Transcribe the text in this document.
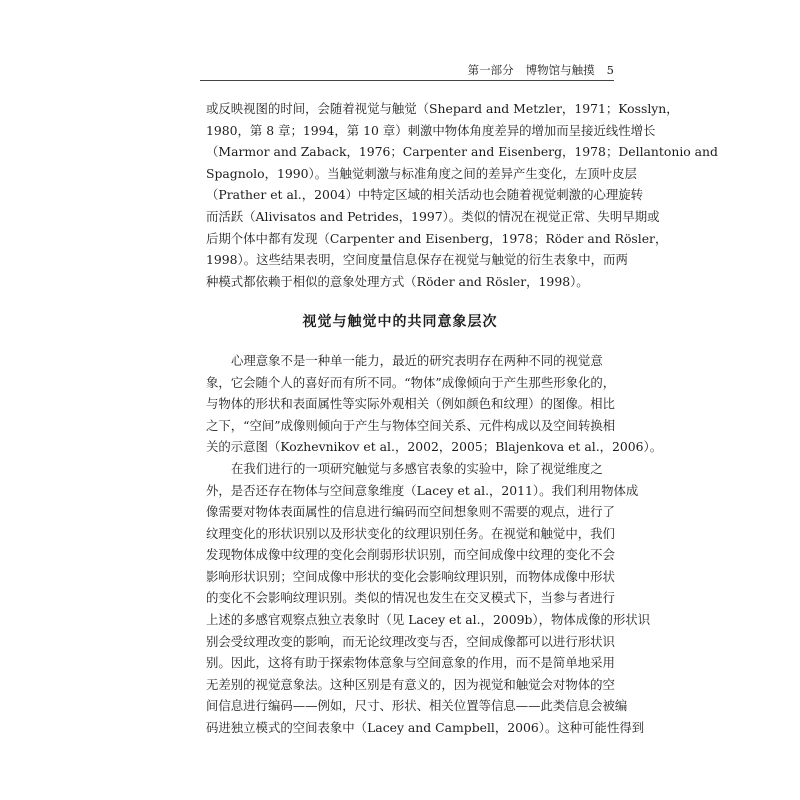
第一部分 博物馆与触摸 5
或反映视图的时间，会随着视觉与触觉（Shepard and Metzler，1971；Kosslyn，
1980，第 8 章；1994，第 10 章）刺激中物体角度差异的增加而呈接近线性增长
（Marmor and Zaback，1976；Carpenter and Eisenberg，1978；Dellantonio and
Spagnolo，1990）。当触觉刺激与标准角度之间的差异产生变化，左顶叶皮层
（Prather et al.，2004）中特定区域的相关活动也会随着视觉刺激的心理旋转
而活跃（Alivisatos and Petrides，1997）。类似的情况在视觉正常、失明早期或
后期个体中都有发现（Carpenter and Eisenberg，1978；Röder and Rösler，
1998）。这些结果表明，空间度量信息保存在视觉与触觉的衍生表象中，而两
种模式都依赖于相似的意象处理方式（Röder and Rösler，1998）。
视觉与触觉中的共同意象层次
心理意象不是一种单一能力，最近的研究表明存在两种不同的视觉意
象，它会随个人的喜好而有所不同。“物体”成像倾向于产生那些形象化的，
与物体的形状和表面属性等实际外观相关（例如颜色和纹理）的图像。相比
之下，“空间”成像则倾向于产生与物体空间关系、元件构成以及空间转换相
关的示意图（Kozhevnikov et al.，2002，2005；Blajenkova et al.，2006）。
在我们进行的一项研究触觉与多感官表象的实验中，除了视觉维度之
外，是否还存在物体与空间意象维度（Lacey et al.，2011）。我们利用物体成
像需要对物体表面属性的信息进行编码而空间想象则不需要的观点，进行了
纹理变化的形状识别以及形状变化的纹理识别任务。在视觉和触觉中，我们
发现物体成像中纹理的变化会削弱形状识别，而空间成像中纹理的变化不会
影响形状识别；空间成像中形状的变化会影响纹理识别，而物体成像中形状
的变化不会影响纹理识别。类似的情况也发生在交叉模式下，当参与者进行
上述的多感官观察点独立表象时（见 Lacey et al.，2009b），物体成像的形状识
别会受纹理改变的影响，而无论纹理改变与否，空间成像都可以进行形状识
别。因此，这将有助于探索物体意象与空间意象的作用，而不是简单地采用
无差别的视觉意象法。这种区别是有意义的，因为视觉和触觉会对物体的空
间信息进行编码——例如，尺寸、形状、相关位置等信息——此类信息会被编
码进独立模式的空间表象中（Lacey and Campbell，2006）。这种可能性得到
